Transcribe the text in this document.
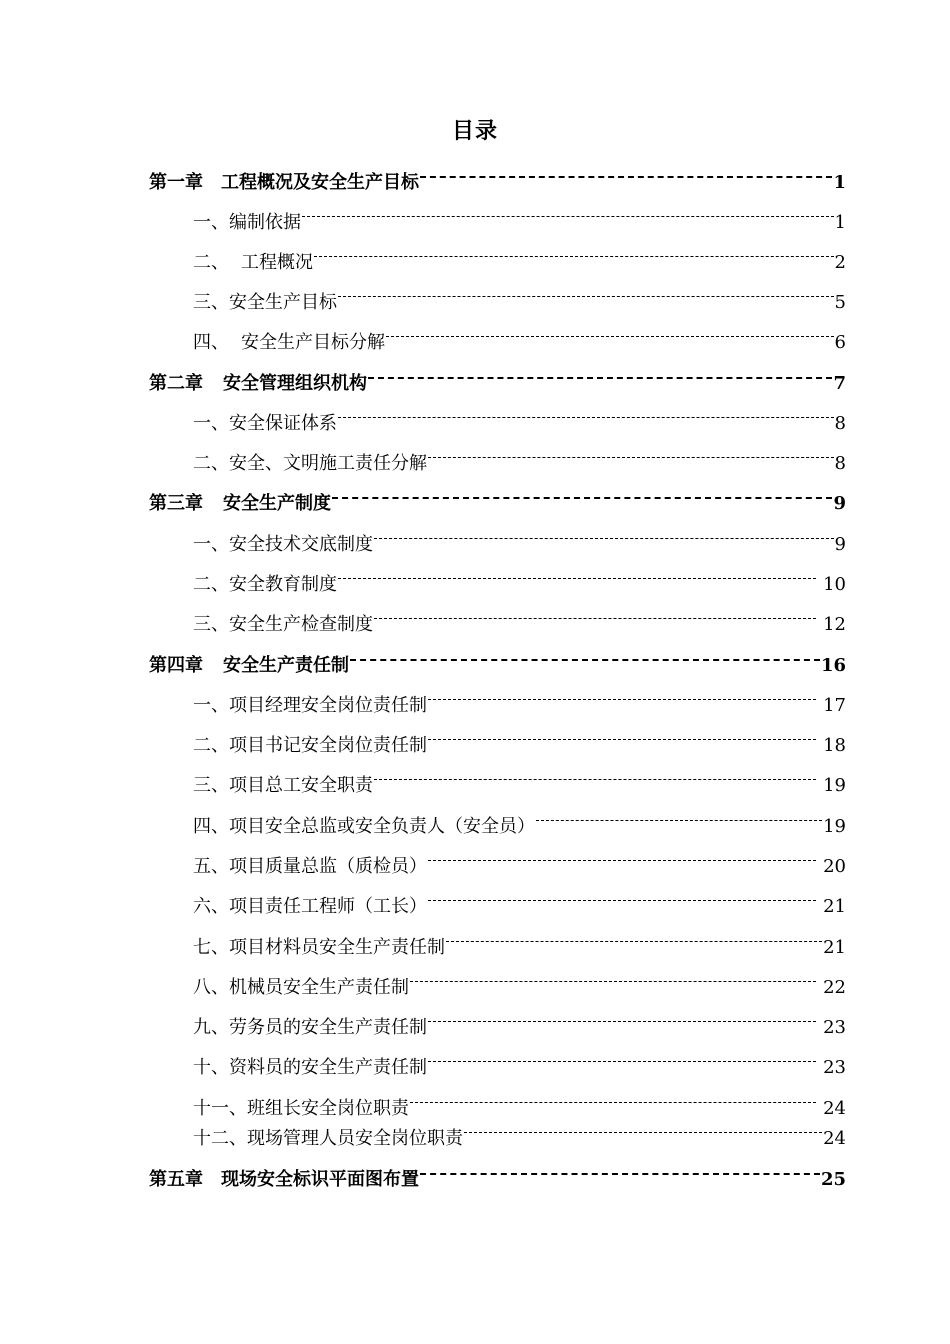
目录
第一章 工程概况及安全生产目标	1
一、编制依据	1
二、 工程概况	2
三、安全生产目标	5
四、 安全生产目标分解	6
第二章 安全管理组织机构	7
一、安全保证体系	8
二、安全、文明施工责任分解	8
第三章 安全生产制度	9
一、安全技术交底制度	9
二、安全教育制度	10
三、安全生产检查制度	12
第四章 安全生产责任制	16
一、项目经理安全岗位责任制	17
二、项目书记安全岗位责任制	18
三、项目总工安全职责	19
四、项目安全总监或安全负责人（安全员）	19
五、项目质量总监（质检员）	20
六、项目责任工程师（工长）	21
七、项目材料员安全生产责任制	21
八、机械员安全生产责任制	22
九、劳务员的安全生产责任制	23
十、资料员的安全生产责任制	23
十一、班组长安全岗位职责	24
十二、现场管理人员安全岗位职责	24
第五章 现场安全标识平面图布置	25
